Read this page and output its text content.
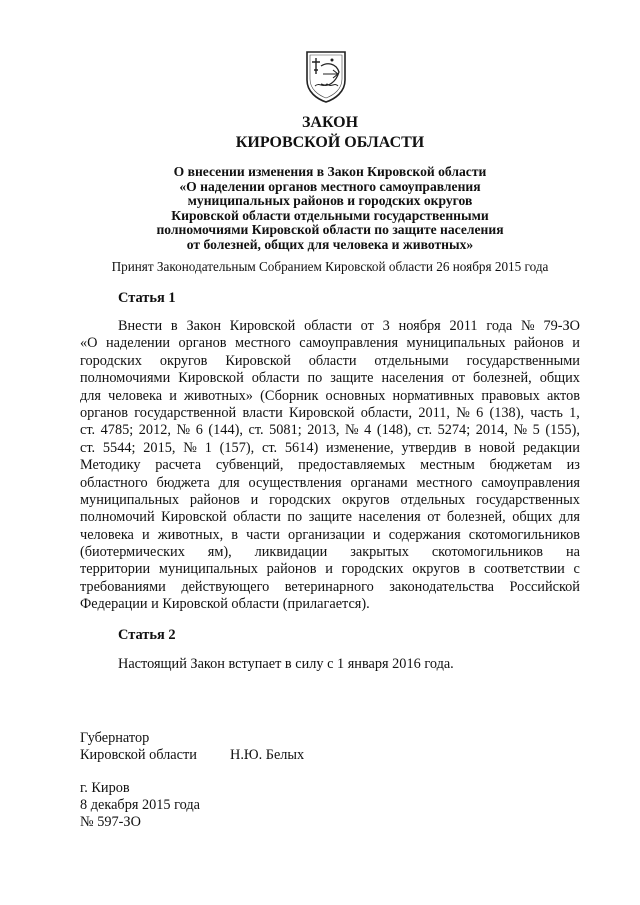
ЗАКОН
КИРОВСКОЙ ОБЛАСТИ
О внесении изменения в Закон Кировской области
«О наделении органов местного самоуправления
муниципальных районов и городских округов
Кировской области отдельными государственными
полномочиями Кировской области по защите населения
от болезней, общих для человека и животных»
Принят Законодательным Собранием Кировской области 26 ноября 2015 года
Статья 1
Внести в Закон Кировской области от 3 ноября 2011 года № 79-ЗО
«О наделении органов местного самоуправления муниципальных районов и
городских округов Кировской области отдельными государственными
полномочиями Кировской области по защите населения от болезней, общих
для человека и животных» (Сборник основных нормативных правовых актов
органов государственной власти Кировской области, 2011, № 6 (138), часть 1,
ст. 4785; 2012, № 6 (144), ст. 5081; 2013, № 4 (148), ст. 5274; 2014, № 5 (155),
ст. 5544; 2015, № 1 (157), ст. 5614) изменение, утвердив в новой редакции
Методику расчета субвенций, предоставляемых местным бюджетам из
областного бюджета для осуществления органами местного самоуправления
муниципальных районов и городских округов отдельных государственных
полномочий Кировской области по защите населения от болезней, общих для
человека и животных, в части организации и содержания скотомогильников
(биотермических ям), ликвидации закрытых скотомогильников на
территории муниципальных районов и городских округов в соответствии с
требованиями действующего ветеринарного законодательства Российской
Федерации и Кировской области (прилагается).
Статья 2
Настоящий Закон вступает в силу с 1 января 2016 года.
Губернатор
Кировской области Н.Ю. Белых
г. Киров
8 декабря 2015 года
№ 597-ЗО
